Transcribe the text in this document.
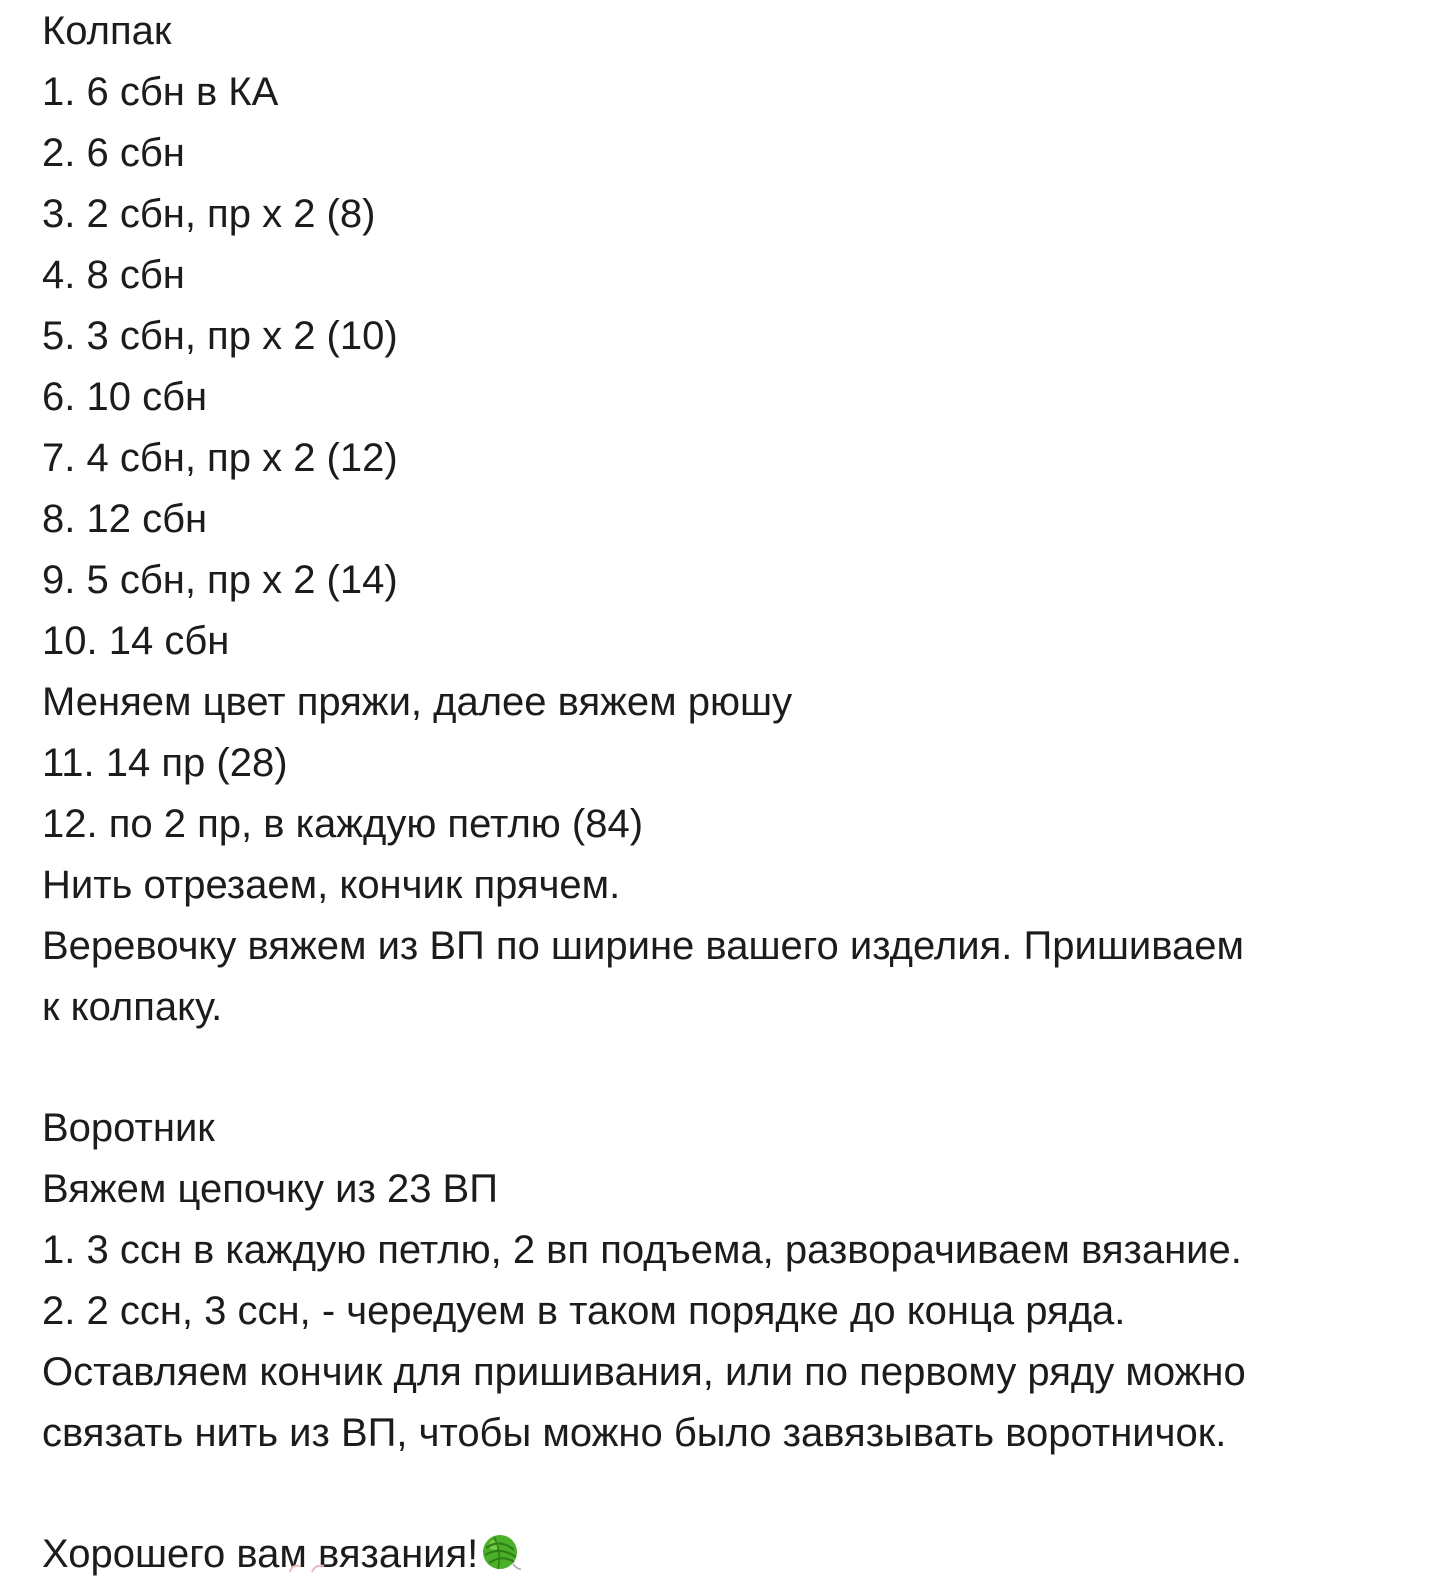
Колпак
1. 6 сбн в КА
2. 6 сбн
3. 2 сбн, пр х 2 (8)
4. 8 сбн
5. 3 сбн, пр х 2 (10)
6. 10 сбн
7. 4 сбн, пр х 2 (12)
8. 12 сбн
9. 5 сбн, пр х 2 (14)
10. 14 сбн
Меняем цвет пряжи, далее вяжем рюшу
11. 14 пр (28)
12. по 2 пр, в каждую петлю (84)
Нить отрезаем, кончик прячем.
Веревочку вяжем из ВП по ширине вашего изделия. Пришиваем
к колпаку.
Воротник
Вяжем цепочку из 23 ВП
1. 3 ссн в каждую петлю, 2 вп подъема, разворачиваем вязание.
2. 2 ссн, 3 ссн, - чередуем в таком порядке до конца ряда.
Оставляем кончик для пришивания, или по первому ряду можно
связать нить из ВП, чтобы можно было завязывать воротничок.
Хорошего вам вязания!
